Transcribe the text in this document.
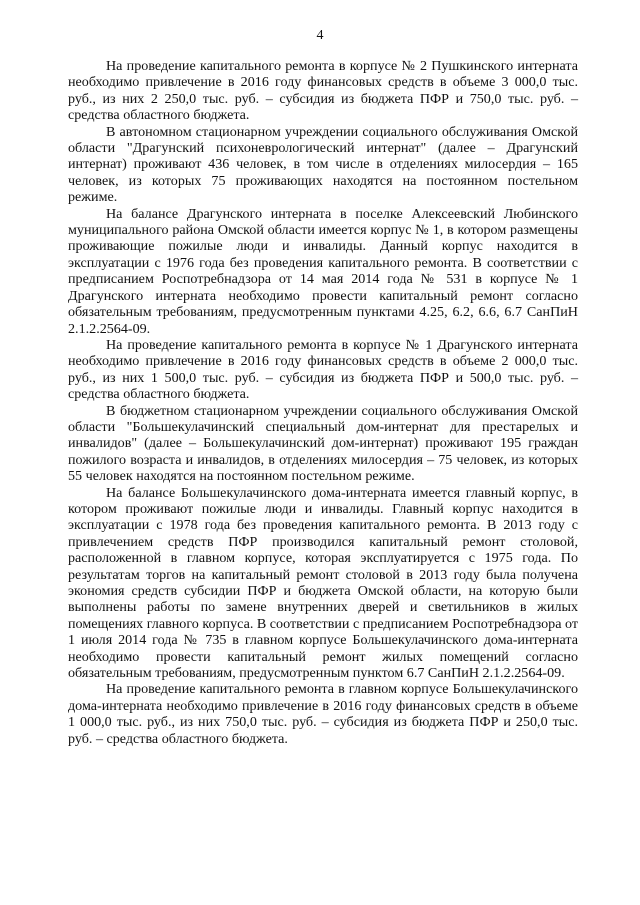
4

На проведение капитального ремонта в корпусе № 2 Пушкинского интерната необходимо привлечение в 2016 году финансовых средств в объеме 3 000,0 тыс. руб., из них 2 250,0 тыс. руб. – субсидия из бюджета ПФР и 750,0 тыс. руб. – средства областного бюджета.

В автономном стационарном учреждении социального обслуживания Омской области "Драгунский психоневрологический интернат" (далее – Драгунский интернат) проживают 436 человек, в том числе в отделениях милосердия – 165 человек, из которых 75 проживающих находятся на постоянном постельном режиме.

На балансе Драгунского интерната в поселке Алексеевский Любинского муниципального района Омской области имеется корпус № 1, в котором размещены проживающие пожилые люди и инвалиды. Данный корпус находится в эксплуатации с 1976 года без проведения капитального ремонта. В соответствии с предписанием Роспотребнадзора от 14 мая 2014 года № 531 в корпусе № 1 Драгунского интерната необходимо провести капитальный ремонт согласно обязательным требованиям, предусмотренным пунктами 4.25, 6.2, 6.6, 6.7 СанПиН 2.1.2.2564-09.

На проведение капитального ремонта в корпусе № 1 Драгунского интерната необходимо привлечение в 2016 году финансовых средств в объеме 2 000,0 тыс. руб., из них 1 500,0 тыс. руб. – субсидия из бюджета ПФР и 500,0 тыс. руб. – средства областного бюджета.

В бюджетном стационарном учреждении социального обслуживания Омской области "Большекулачинский специальный дом-интернат для престарелых и инвалидов" (далее – Большекулачинский дом-интернат) проживают 195 граждан пожилого возраста и инвалидов, в отделениях милосердия – 75 человек, из которых 55 человек находятся на постоянном постельном режиме.

На балансе Большекулачинского дома-интерната имеется главный корпус, в котором проживают пожилые люди и инвалиды. Главный корпус находится в эксплуатации с 1978 года без проведения капитального ремонта. В 2013 году с привлечением средств ПФР производился капитальный ремонт столовой, расположенной в главном корпусе, которая эксплуатируется с 1975 года. По результатам торгов на капитальный ремонт столовой в 2013 году была получена экономия средств субсидии ПФР и бюджета Омской области, на которую были выполнены работы по замене внутренних дверей и светильников в жилых помещениях главного корпуса. В соответствии с предписанием Роспотребнадзора от 1 июля 2014 года № 735 в главном корпусе Большекулачинского дома-интерната необходимо провести капитальный ремонт жилых помещений согласно обязательным требованиям, предусмотренным пунктом 6.7 СанПиН 2.1.2.2564-09.

На проведение капитального ремонта в главном корпусе Большекулачинского дома-интерната необходимо привлечение в 2016 году финансовых средств в объеме 1 000,0 тыс. руб., из них 750,0 тыс. руб. – субсидия из бюджета ПФР и 250,0 тыс. руб. – средства областного бюджета.
